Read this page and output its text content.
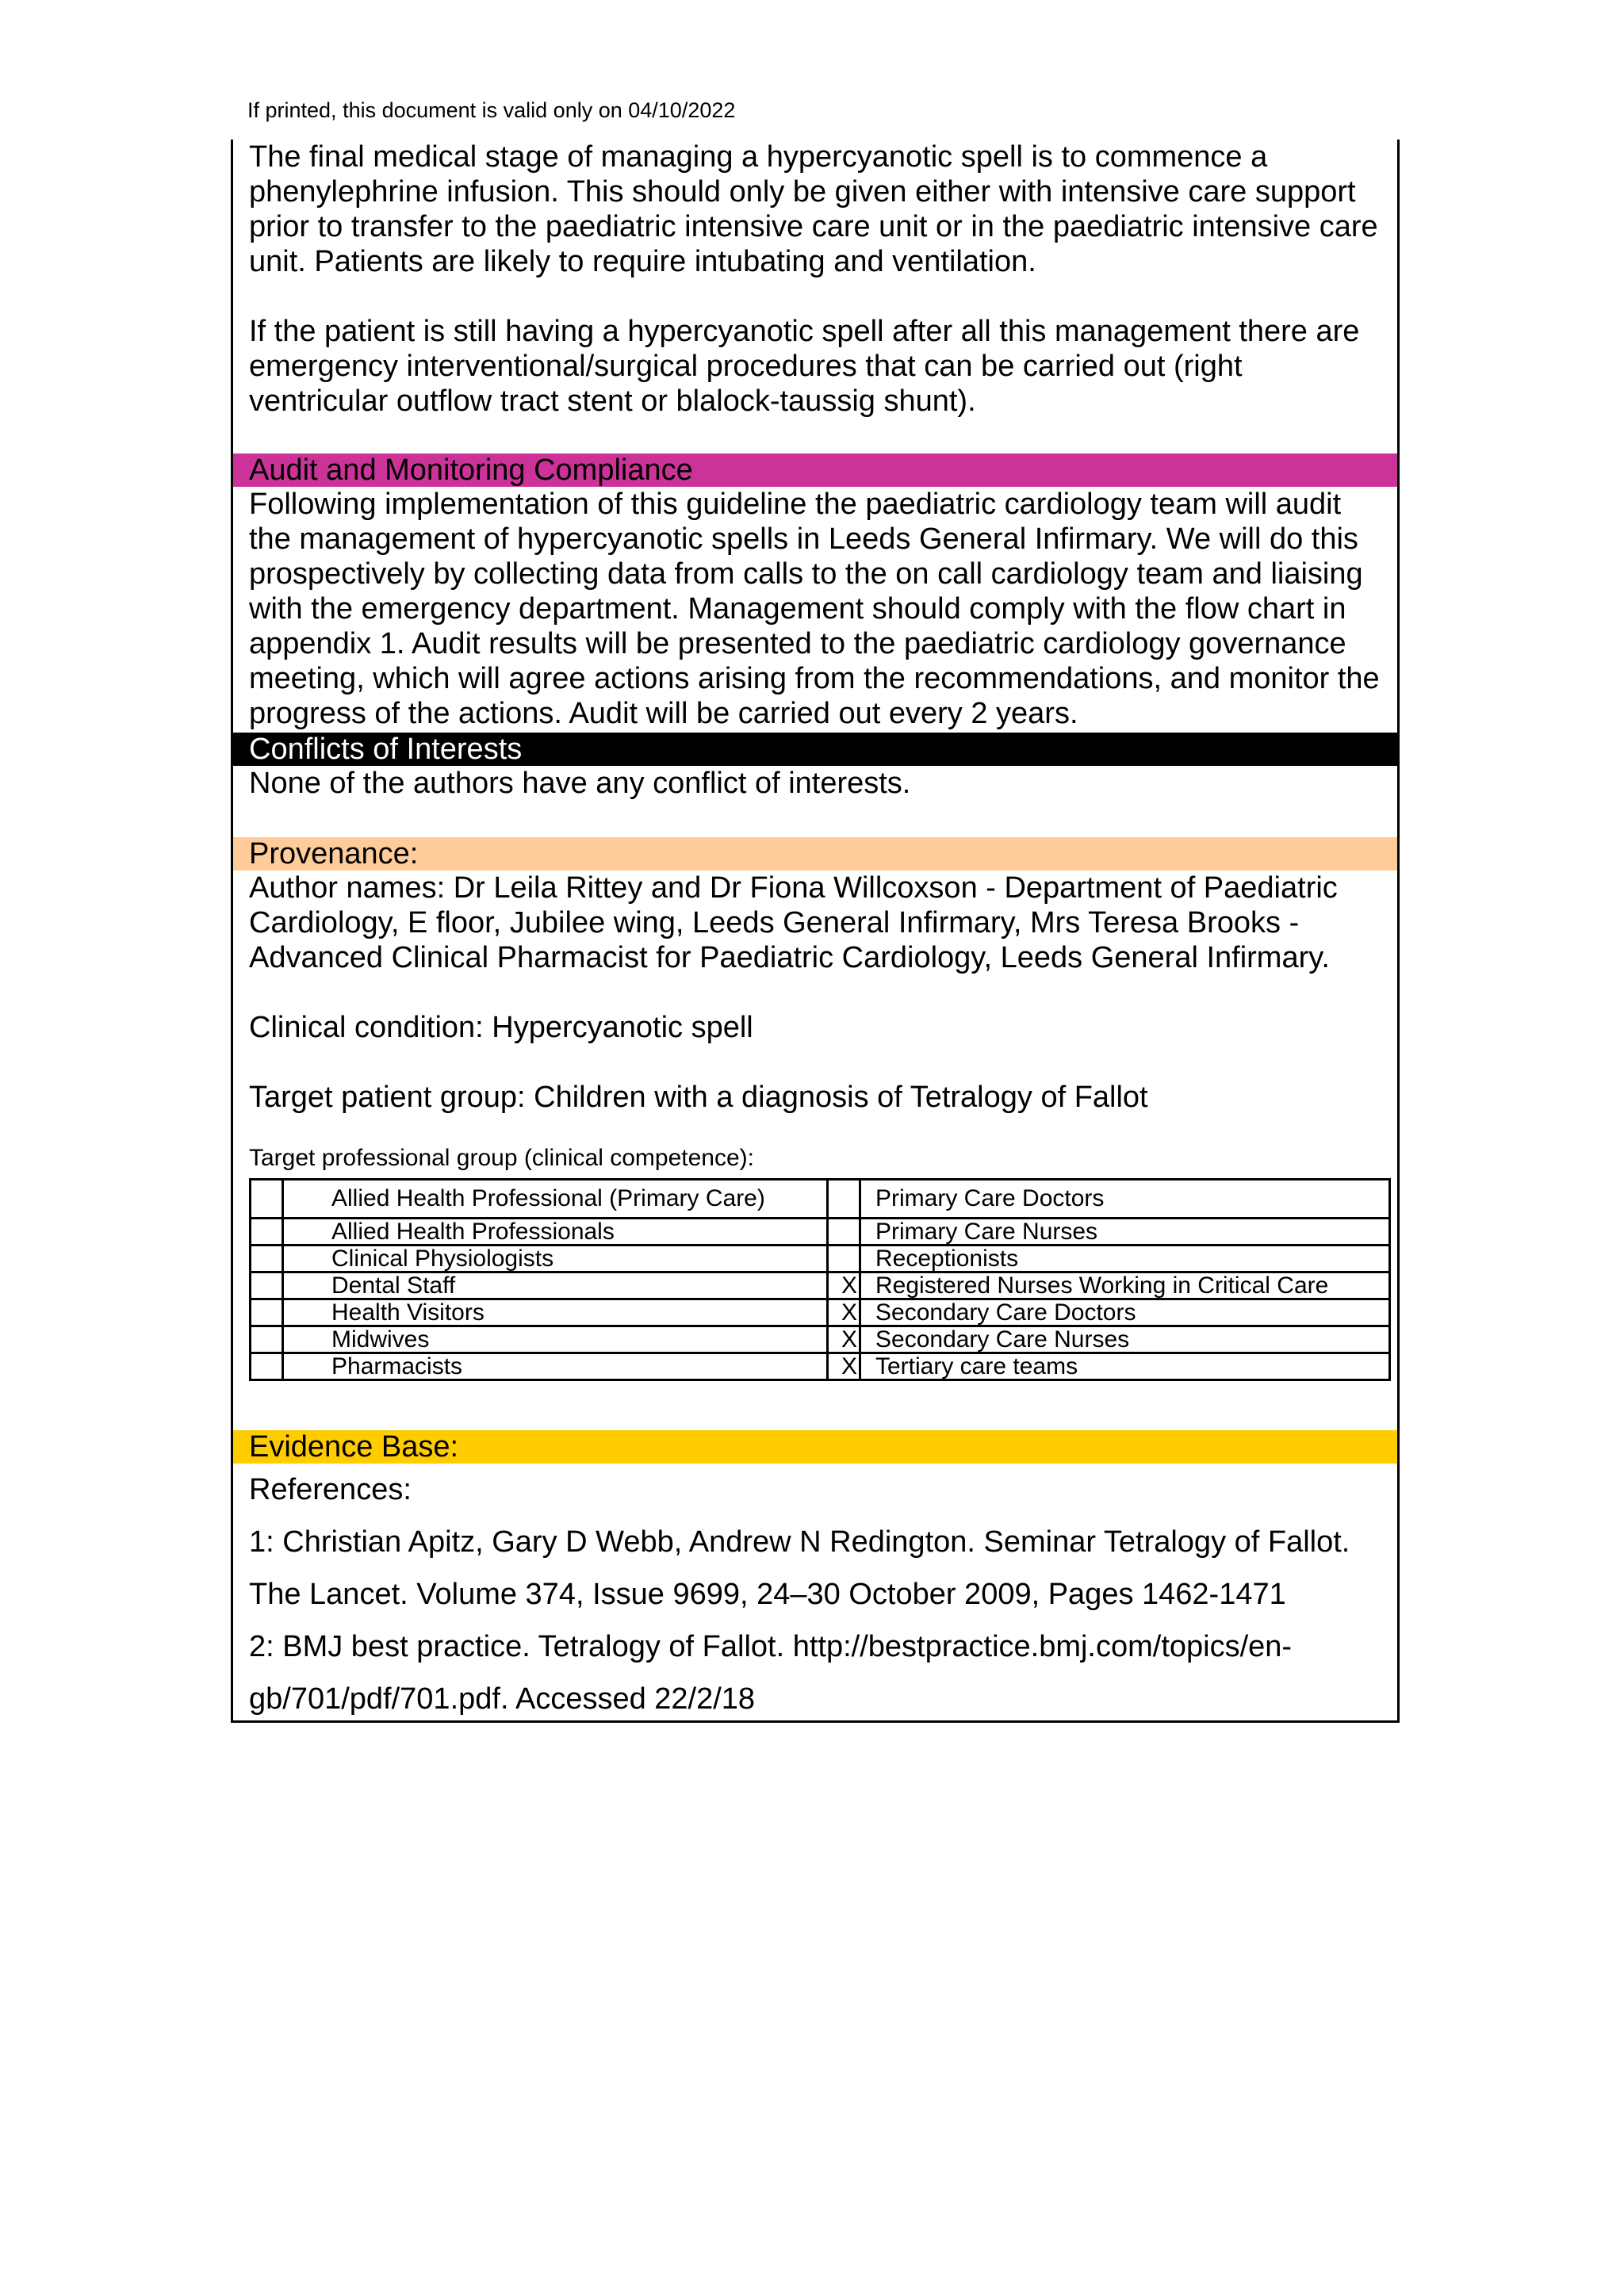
If printed, this document is valid only on 04/10/2022

The final medical stage of managing a hypercyanotic spell is to commence a phenylephrine infusion. This should only be given either with intensive care support prior to transfer to the paediatric intensive care unit or in the paediatric intensive care unit. Patients are likely to require intubating and ventilation.

If the patient is still having a hypercyanotic spell after all this management there are emergency interventional/surgical procedures that can be carried out (right ventricular outflow tract stent or blalock-taussig shunt).

Audit and Monitoring Compliance

Following implementation of this guideline the paediatric cardiology team will audit the management of hypercyanotic spells in Leeds General Infirmary. We will do this prospectively by collecting data from calls to the on call cardiology team and liaising with the emergency department. Management should comply with the flow chart in appendix 1. Audit results will be presented to the paediatric cardiology governance meeting, which will agree actions arising from the recommendations, and monitor the progress of the actions. Audit will be carried out every 2 years.

Conflicts of Interests

None of the authors have any conflict of interests.

Provenance:

Author names: Dr Leila Rittey and Dr Fiona Willcoxson - Department of Paediatric Cardiology, E floor, Jubilee wing, Leeds General Infirmary, Mrs Teresa Brooks - Advanced Clinical Pharmacist for Paediatric Cardiology, Leeds General Infirmary.

Clinical condition: Hypercyanotic spell

Target patient group: Children with a diagnosis of Tetralogy of Fallot

Target professional group (clinical competence):
	Allied Health Professional (Primary Care)		Primary Care Doctors
	Allied Health Professionals		Primary Care Nurses
	Clinical Physiologists		Receptionists
	Dental Staff	X	Registered Nurses Working in Critical Care
	Health Visitors	X	Secondary Care Doctors
	Midwives	X	Secondary Care Nurses
	Pharmacists	X	Tertiary care teams
Evidence Base:

References:

1: Christian Apitz, Gary D Webb, Andrew N Redington. Seminar Tetralogy of Fallot.

The Lancet. Volume 374, Issue 9699, 24–30 October 2009, Pages 1462-1471

2: BMJ best practice. Tetralogy of Fallot. http://bestpractice.bmj.com/topics/en-

gb/701/pdf/701.pdf. Accessed 22/2/18
